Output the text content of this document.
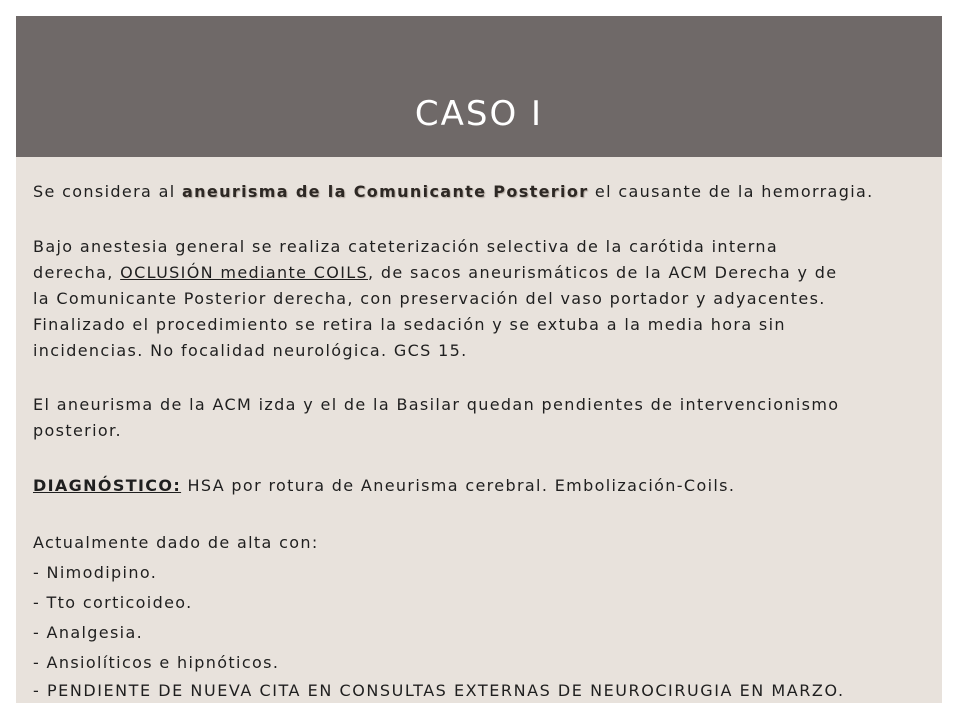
CASO I
Se considera al aneurisma de la Comunicante Posterior el causante de la hemorragia.
Bajo anestesia general se realiza cateterización selectiva de la carótida interna
derecha, OCLUSIÓN mediante COILS, de sacos aneurismáticos de la ACM Derecha y de
la Comunicante Posterior derecha, con preservación del vaso portador y adyacentes.
Finalizado el procedimiento se retira la sedación y se extuba a la media hora sin
incidencias. No focalidad neurológica. GCS 15.
El aneurisma de la ACM izda y el de la Basilar quedan pendientes de intervencionismo
posterior.
DIAGNÓSTICO: HSA por rotura de Aneurisma cerebral. Embolización-Coils.
Actualmente dado de alta con:
- Nimodipino.
- Tto corticoideo.
- Analgesia.
- Ansiolíticos e hipnóticos.
- PENDIENTE DE NUEVA CITA EN CONSULTAS EXTERNAS DE NEUROCIRUGIA EN MARZO.
